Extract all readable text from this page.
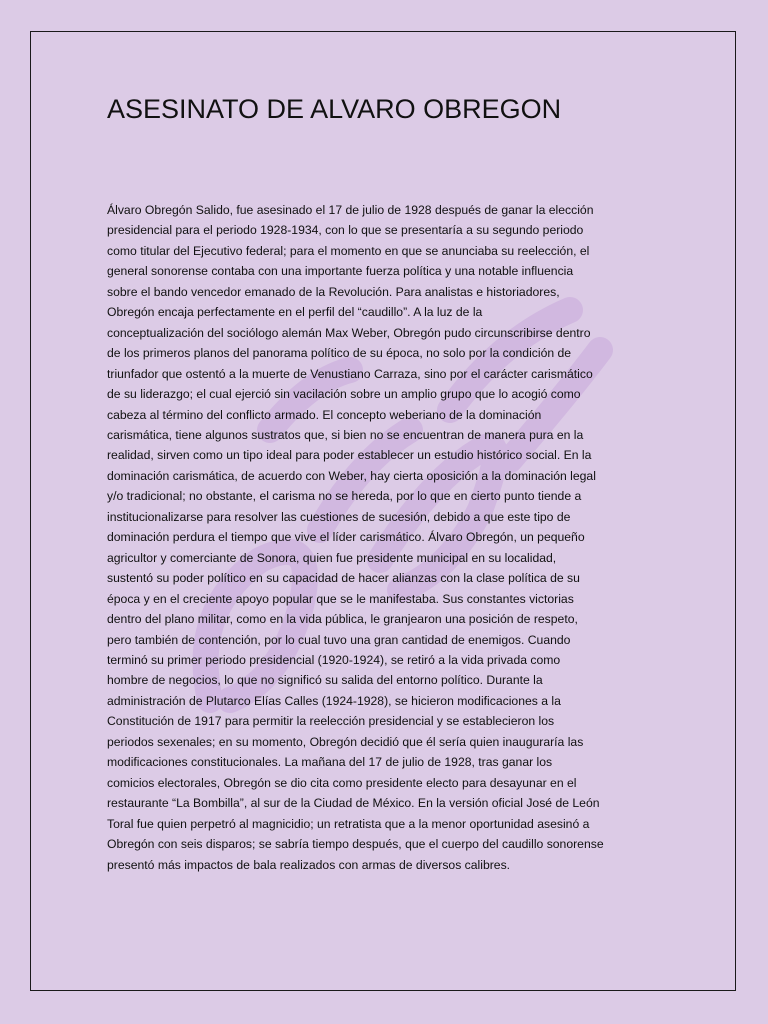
ASESINATO DE ALVARO OBREGON
Álvaro Obregón Salido, fue asesinado el 17 de julio de 1928 después de ganar la elección
presidencial para el periodo 1928-1934, con lo que se presentaría a su segundo periodo
como titular del Ejecutivo federal; para el momento en que se anunciaba su reelección, el
general sonorense contaba con una importante fuerza política y una notable influencia
sobre el bando vencedor emanado de la Revolución. Para analistas e historiadores,
Obregón encaja perfectamente en el perfil del “caudillo”. A la luz de la
conceptualización del sociólogo alemán Max Weber, Obregón pudo circunscribirse dentro
de los primeros planos del panorama político de su época, no solo por la condición de
triunfador que ostentó a la muerte de Venustiano Carraza, sino por el carácter carismático
de su liderazgo; el cual ejerció sin vacilación sobre un amplio grupo que lo acogió como
cabeza al término del conflicto armado. El concepto weberiano de la dominación
carismática, tiene algunos sustratos que, si bien no se encuentran de manera pura en la
realidad, sirven como un tipo ideal para poder establecer un estudio histórico social. En la
dominación carismática, de acuerdo con Weber, hay cierta oposición a la dominación legal
y/o tradicional; no obstante, el carisma no se hereda, por lo que en cierto punto tiende a
institucionalizarse para resolver las cuestiones de sucesión, debido a que este tipo de
dominación perdura el tiempo que vive el líder carismático. Álvaro Obregón, un pequeño
agricultor y comerciante de Sonora, quien fue presidente municipal en su localidad,
sustentó su poder político en su capacidad de hacer alianzas con la clase política de su
época y en el creciente apoyo popular que se le manifestaba. Sus constantes victorias
dentro del plano militar, como en la vida pública, le granjearon una posición de respeto,
pero también de contención, por lo cual tuvo una gran cantidad de enemigos. Cuando
terminó su primer periodo presidencial (1920-1924), se retiró a la vida privada como
hombre de negocios, lo que no significó su salida del entorno político. Durante la
administración de Plutarco Elías Calles (1924-1928), se hicieron modificaciones a la
Constitución de 1917 para permitir la reelección presidencial y se establecieron los
periodos sexenales; en su momento, Obregón decidió que él sería quien inauguraría las
modificaciones constitucionales. La mañana del 17 de julio de 1928, tras ganar los
comicios electorales, Obregón se dio cita como presidente electo para desayunar en el
restaurante “La Bombilla”, al sur de la Ciudad de México. En la versión oficial José de León
Toral fue quien perpetró al magnicidio; un retratista que a la menor oportunidad asesinó a
Obregón con seis disparos; se sabría tiempo después, que el cuerpo del caudillo sonorense
presentó más impactos de bala realizados con armas de diversos calibres.
